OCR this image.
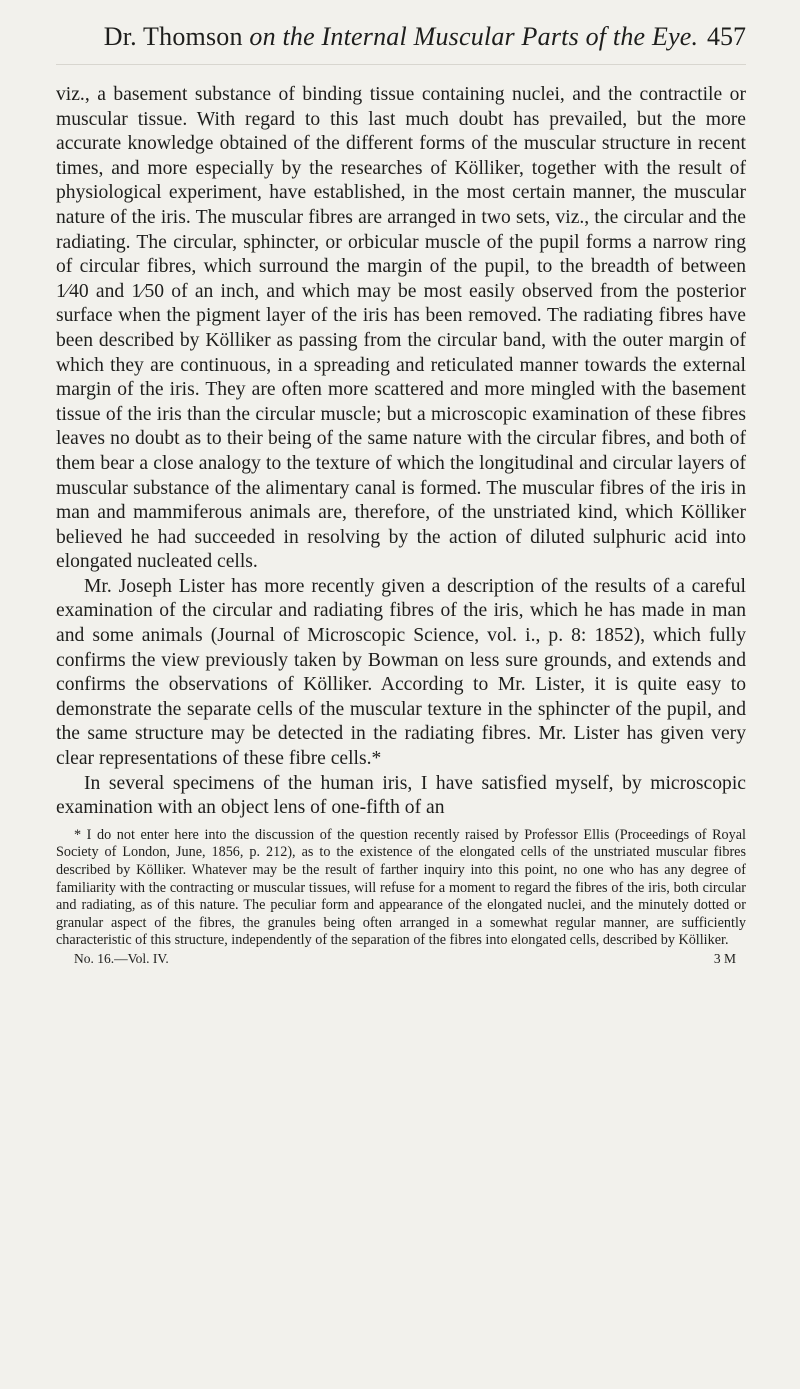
Dr. Thomson on the Internal Muscular Parts of the Eye. 457

viz., a basement substance of binding tissue containing nuclei, and the contractile or muscular tissue. With regard to this last much doubt has prevailed, but the more accurate knowledge obtained of the different forms of the muscular structure in recent times, and more especially by the researches of Kölliker, together with the result of physiological experiment, have established, in the most certain manner, the muscular nature of the iris. The muscular fibres are arranged in two sets, viz., the circular and the radiating. The circular, sphincter, or orbicular muscle of the pupil forms a narrow ring of circular fibres, which surround the margin of the pupil, to the breadth of between 1⁄40 and 1⁄50 of an inch, and which may be most easily observed from the posterior surface when the pigment layer of the iris has been removed. The radiating fibres have been described by Kölliker as passing from the circular band, with the outer margin of which they are continuous, in a spreading and reticulated manner towards the external margin of the iris. They are often more scattered and more mingled with the basement tissue of the iris than the circular muscle; but a microscopic examination of these fibres leaves no doubt as to their being of the same nature with the circular fibres, and both of them bear a close analogy to the texture of which the longitudinal and circular layers of muscular substance of the alimentary canal is formed. The muscular fibres of the iris in man and mammiferous animals are, therefore, of the unstriated kind, which Kölliker believed he had succeeded in resolving by the action of diluted sulphuric acid into elongated nucleated cells.

Mr. Joseph Lister has more recently given a description of the results of a careful examination of the circular and radiating fibres of the iris, which he has made in man and some animals (Journal of Microscopic Science, vol. i., p. 8: 1852), which fully confirms the view previously taken by Bowman on less sure grounds, and extends and confirms the observations of Kölliker. According to Mr. Lister, it is quite easy to demonstrate the separate cells of the muscular texture in the sphincter of the pupil, and the same structure may be detected in the radiating fibres. Mr. Lister has given very clear representations of these fibre cells.*

In several specimens of the human iris, I have satisfied myself, by microscopic examination with an object lens of one-fifth of an

* I do not enter here into the discussion of the question recently raised by Professor Ellis (Proceedings of Royal Society of London, June, 1856, p. 212), as to the existence of the elongated cells of the unstriated muscular fibres described by Kölliker. Whatever may be the result of farther inquiry into this point, no one who has any degree of familiarity with the contracting or muscular tissues, will refuse for a moment to regard the fibres of the iris, both circular and radiating, as of this nature. The peculiar form and appearance of the elongated nuclei, and the minutely dotted or granular aspect of the fibres, the granules being often arranged in a somewhat regular manner, are sufficiently characteristic of this structure, independently of the separation of the fibres into elongated cells, described by Kölliker.

No. 16.—Vol. IV.	3 M
